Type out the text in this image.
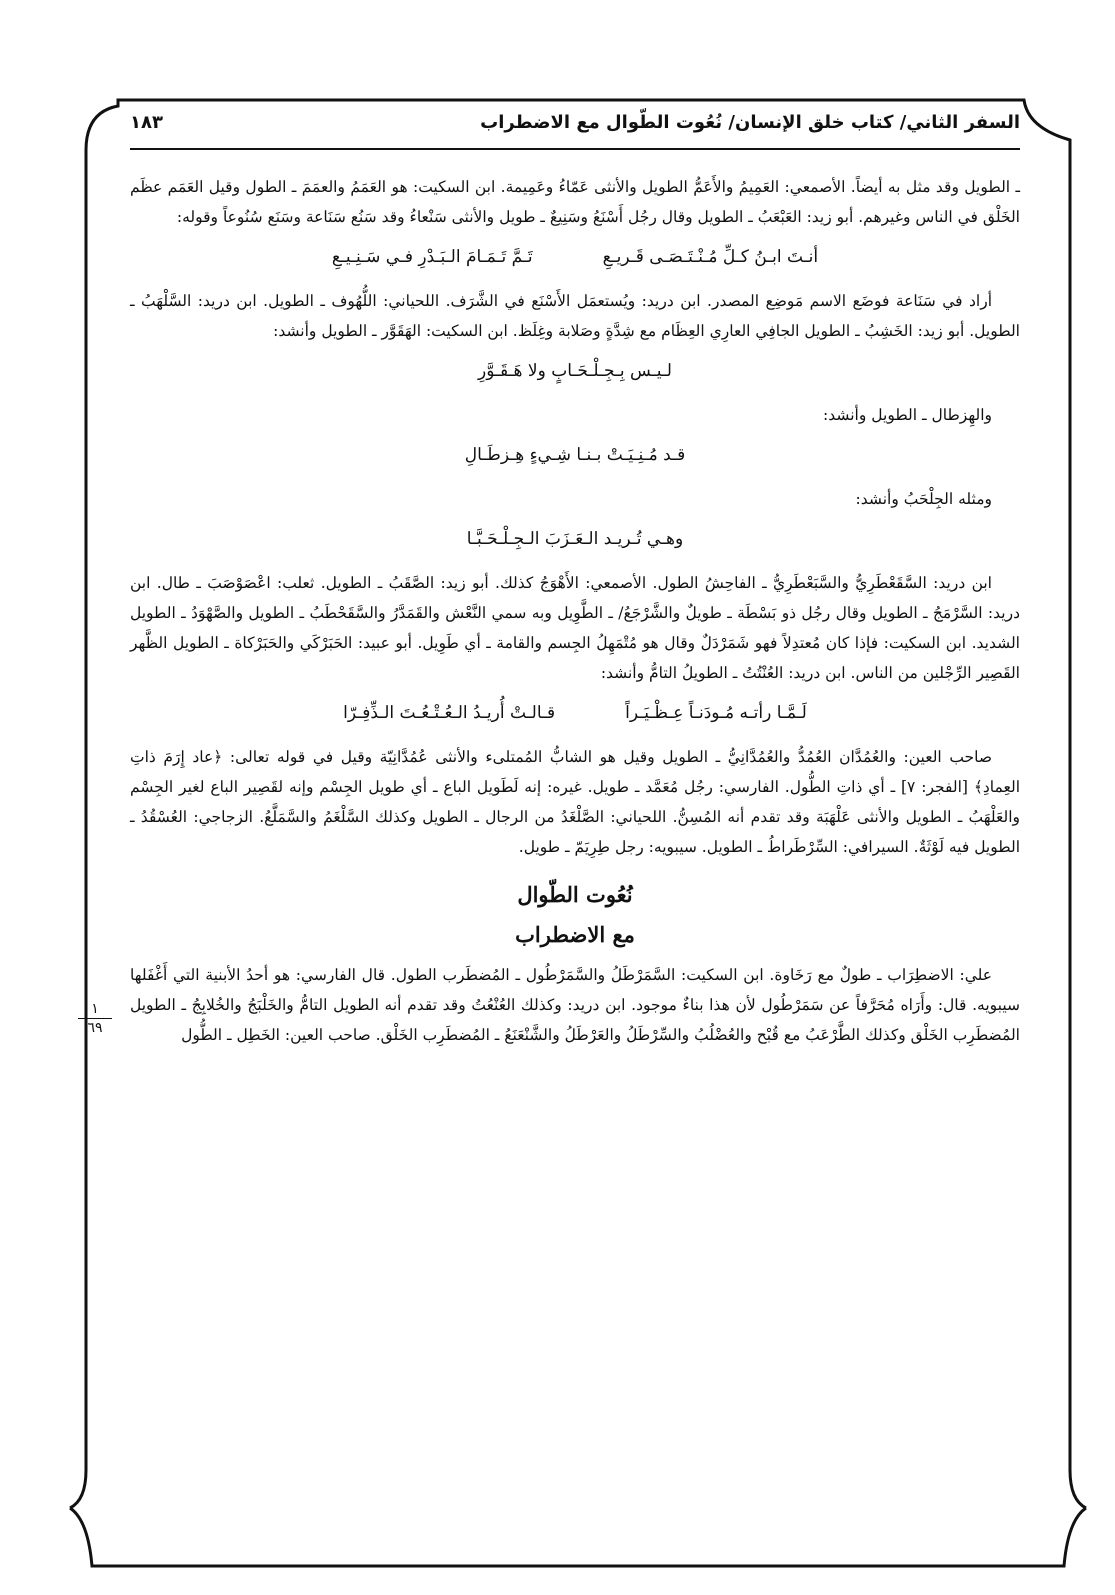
السفر الثاني/ كتاب خلق الإنسان/ نُعُوت الطّوال مع الاضطراب
١٨٣
١
٦٩

ـ الطويل وقد مثل به أيضاً. الأصمعي: العَمِيمُ والأَعَمُّ الطويل والأنثى عَمّاءُ وعَمِيمة. ابن السكيت: هو العَمَمُ والعمَمَ ـ الطول وقيل العَمَم عظَم الخَلْق في الناس وغيرهم. أبو زيد: العَبْعَبُ ـ الطويل وقال رجُل أَسْنَعُ وسَنِيعٌ ـ طويل والأنثى سَنْعاءُ وقد سَنُع سَنَاعة وسَنَع سُنُوعاً وقوله:

أنـتَ ابـنُ كـلِّ مُـنْـتَـصَـى قَـريـعِ
تَـمَّ تَـمَـامَ الـبَـدْرِ فـي سَـنِـيـعِ

أراد في سَنَاعة فوضَع الاسم مَوضِع المصدر. ابن دريد: ويُستعمَل الأَسْنَع في الشَّرَف. اللحياني: اللُّهُوف ـ الطويل. ابن دريد: السَّلْهَبُ ـ الطويل. أبو زيد: الخَشِبُ ـ الطويل الجافِي العارِي العِظَام مع شِدَّةٍ وصَلابة وغِلَظ. ابن السكيت: الهَقَوَّر ـ الطويل وأنشد:

لـيـس بِـجِـلْـحَـابٍ ولا هَـقَـوَّرِ

والهِزطال ـ الطويل وأنشد:

قـد مُـنِـيَـتْ بـنـا شِـيءٍ هِـزطَـالِ

ومثله الجِلْحَبُ وأنشد:

وهـي تُـريـد الـعَـزَبَ الـجِـلْـحَـبَّـا

ابن دريد: السَّقَعْطَرِيُّ والسَّبَعْطَرِيُّ ـ الفاحِشُ الطول. الأصمعي: الأَهْوَجُ كذلك. أبو زيد: الصَّقَبُ ـ الطويل. ثعلب: اعْصَوْصَبَ ـ طال. ابن دريد: السَّرْمَجُ ـ الطويل وقال رجُل ذو بَسْطَة ـ طويلٌ والشَّرْجَعُ/ ـ الطَّوِيل وبه سمي النَّعْش والقَمَدَّرُ والسَّقَحْطَبُ ـ الطويل والصَّهْوَدُ ـ الطويل الشديد. ابن السكيت: فإذا كان مُعتدِلاً فهو شَمَرْدَلٌ وقال هو مُتْمَهِلُ الجِسم والقامة ـ أي طَوِيل. أبو عبيد: الحَبَرْكَي والحَبَرْكاة ـ الطويل الظَّهر القَصِير الرِّجْلين من الناس. ابن دريد: العُنْتُتُ ـ الطويلُ التامُّ وأنشد:

لَـمَّـا رأتـه مُـودَنـاً عِـظْـيَـراً
قـالـتْ أُريـدُ الـعُـتْـعُـتَ الـذِّفِـرّا

صاحب العين: والعُمُدَّان العُمُدُّ والعُمُدَّانِيُّ ـ الطويل وقيل هو الشابُّ المُمتلىء والأنثى عُمُدَّانِيّة وقيل في قوله تعالى: ﴿عاد إِرَمَ ذاتِ العِمادِ﴾ [الفجر: ٧] ـ أي ذاتِ الطُّول. الفارسي: رجُل مُعَمَّد ـ طويل. غيره: إنه لَطَويل الباع ـ أي طويل الجِسْم وإنه لقَصِير الباع لغير الجِسْم والعَلْهَبُ ـ الطويل والأنثى عَلْهَبَة وقد تقدم أنه المُسِنُّ. اللحياني: الصَّلْغَدُ من الرجال ـ الطويل وكذلك السَّلْغَمُ والسَّمَلَّعُ. الزجاجي: العُسْقُدُ ـ الطويل فيه لَوْثَةٌ. السيرافي: السِّرْطَراطُ ـ الطويل. سيبويه: رجل طِرِيَمّ ـ طويل.

نُعُوت الطّوال
مع الاضطراب

علي: الاضطِرَاب ـ طولٌ مع رَخَاوة. ابن السكيت: السَّمَرْطَلُ والسَّمَرْطُول ـ المُضطَرب الطول. قال الفارسي: هو أحدُ الأبنية التي أَغْفَلها سيبويه. قال: وأَرَاه مُحَرَّفاً عن سَمَرْطُول لأن هذا بناءٌ موجود. ابن دريد: وكذلك العُنْعُتُ وقد تقدم أنه الطويل التامُّ والخَلْبَجُ والخُلابِجُ ـ الطويل المُضطَرِب الخَلْق وكذلك الطَّرْعَبُ مع قُبْح والعُضْلُبُ والسِّرْطَلُ والعَرْطَلُ والشَّنْعَنَعُ ـ المُضطَرِب الخَلْق. صاحب العين: الخَطِل ـ الطُّول
